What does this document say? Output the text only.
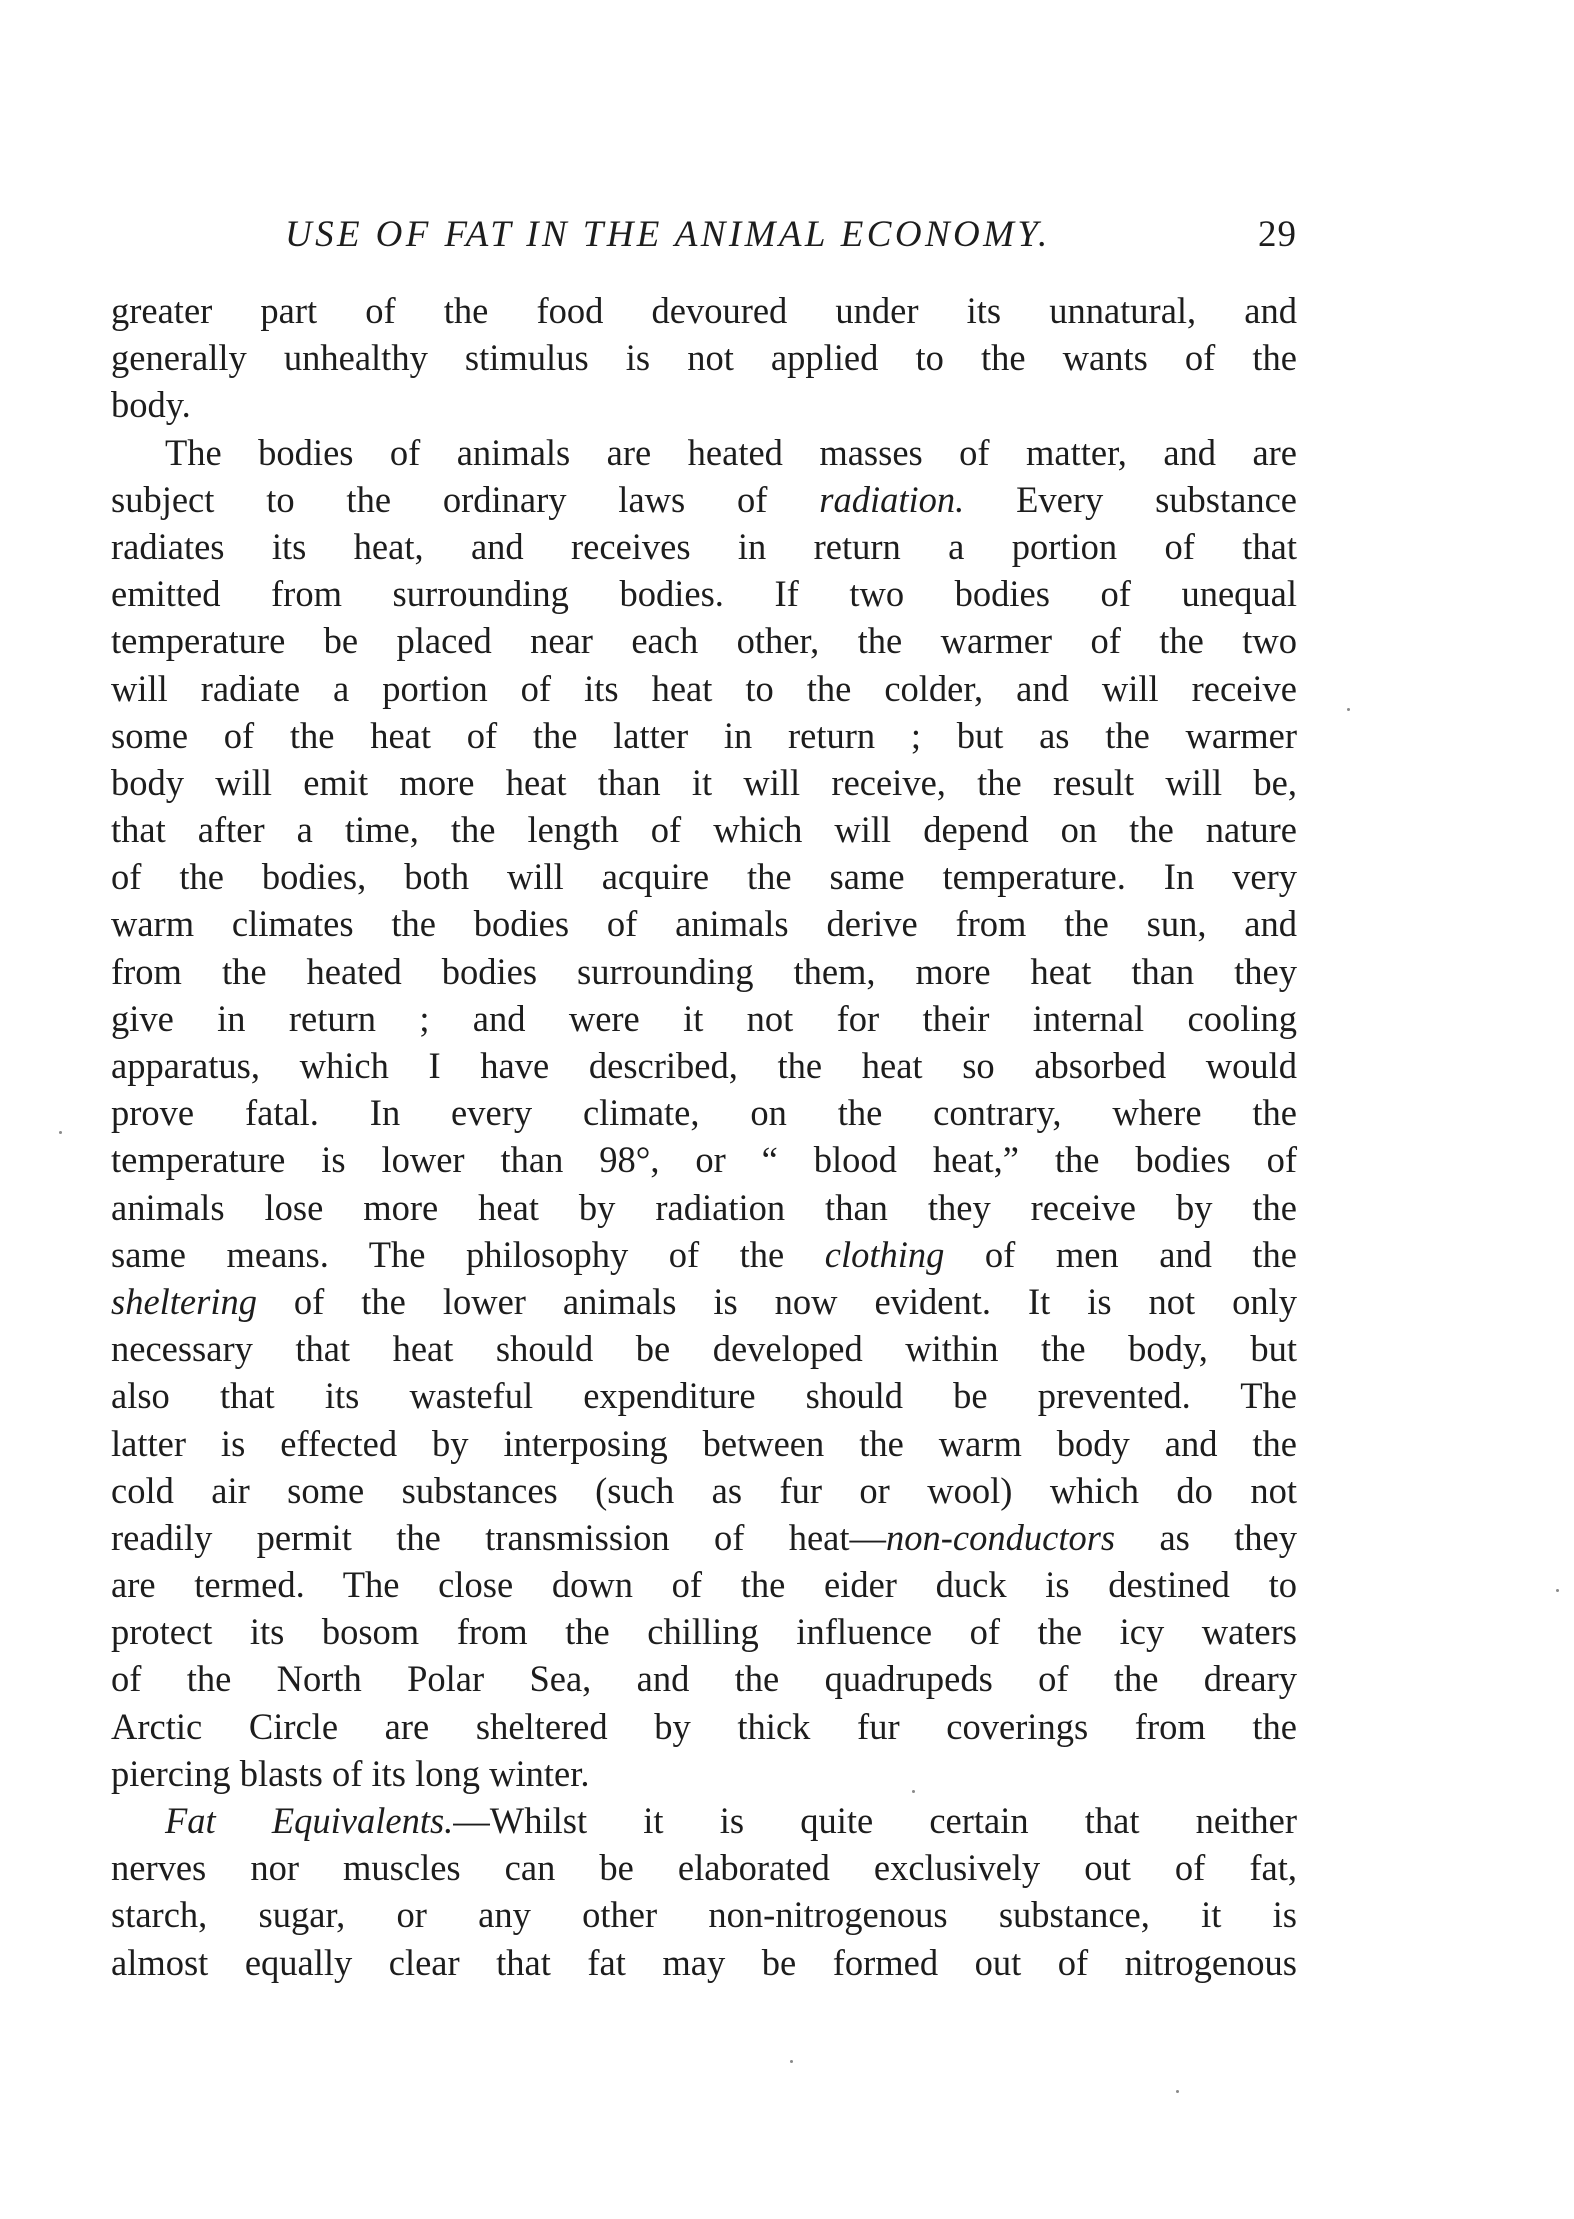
USE OF FAT IN THE ANIMAL ECONOMY.	29
greater part of the food devoured under its unnatural, and
generally unhealthy stimulus is not applied to the wants of the
body.
The bodies of animals are heated masses of matter, and are
subject to the ordinary laws of radiation. Every substance
radiates its heat, and receives in return a portion of that
emitted from surrounding bodies. If two bodies of unequal
temperature be placed near each other, the warmer of the two
will radiate a portion of its heat to the colder, and will receive
some of the heat of the latter in return ; but as the warmer
body will emit more heat than it will receive, the result will be,
that after a time, the length of which will depend on the nature
of the bodies, both will acquire the same temperature. In very
warm climates the bodies of animals derive from the sun, and
from the heated bodies surrounding them, more heat than they
give in return ; and were it not for their internal cooling
apparatus, which I have described, the heat so absorbed would
prove fatal. In every climate, on the contrary, where the
temperature is lower than 98°, or “ blood heat,” the bodies of
animals lose more heat by radiation than they receive by the
same means. The philosophy of the clothing of men and the
sheltering of the lower animals is now evident. It is not only
necessary that heat should be developed within the body, but
also that its wasteful expenditure should be prevented. The
latter is effected by interposing between the warm body and the
cold air some substances (such as fur or wool) which do not
readily permit the transmission of heat—non-conductors as they
are termed. The close down of the eider duck is destined to
protect its bosom from the chilling influence of the icy waters
of the North Polar Sea, and the quadrupeds of the dreary
Arctic Circle are sheltered by thick fur coverings from the
piercing blasts of its long winter.
Fat Equivalents.—Whilst it is quite certain that neither
nerves nor muscles can be elaborated exclusively out of fat,
starch, sugar, or any other non-nitrogenous substance, it is
almost equally clear that fat may be formed out of nitrogenous
